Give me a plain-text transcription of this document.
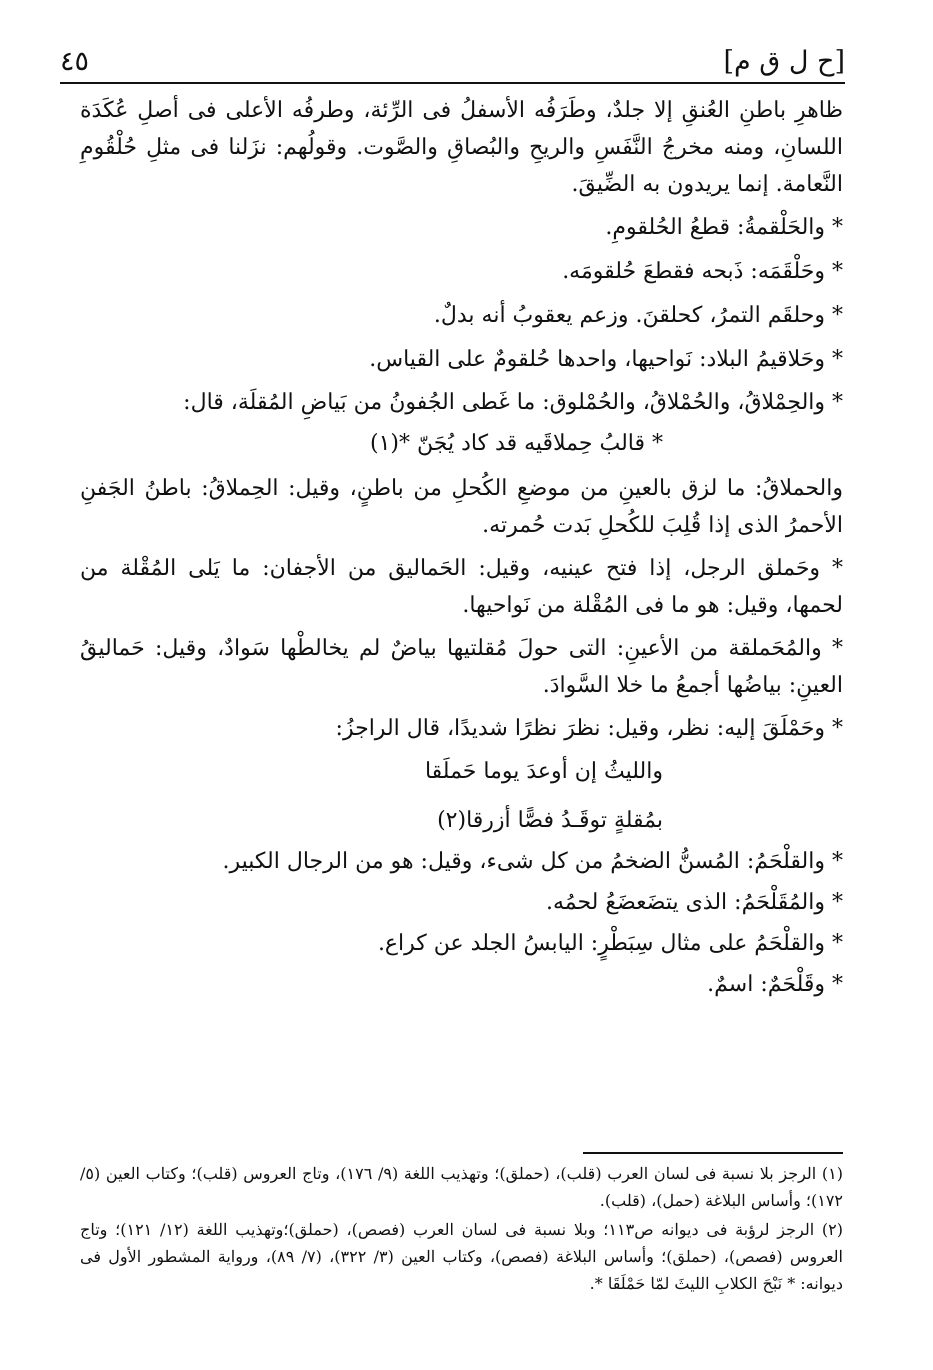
[ح ل ق م]
٤٥

ظاهرِ باطنِ العُنقِ إلا جلدٌ، وطَرَفُه الأسفلُ فى الرِّئة، وطرفُه الأعلى فى أصلِ عُكَدَة اللسانِ، ومنه مخرجُ النَّفَسِ والريحِ والبُصاقِ والصَّوت. وقولُهم: نزَلنا فى مثلِ حُلْقُومِ النَّعامة. إنما يريدون به الضِّيقَ.

* والحَلْقمةُ: قطعُ الحُلقومِ.

* وحَلْقَمَه: ذَبحه فقطعَ حُلقومَه.

* وحلقَم التمرُ، كحلقنَ. وزعم يعقوبُ أنه بدلٌ.

* وحَلاقيمُ البلاد: نَواحيها، واحدها حُلقومٌ على القياس.

* والحِمْلاقُ، والحُمْلاقُ، والحُمْلوق: ما غَطى الجُفونُ من بَياضِ المُقلَة، قال:

* قالبُ حِملاقَيه قد كاد يُجَنّ *(١)

والحملاقُ: ما لزق بالعينِ من موضعِ الكُحلِ من باطنٍ، وقيل: الحِملاقُ: باطنُ الجَفنِ الأحمرُ الذى إذا قُلِبَ للكُحلِ بَدت حُمرته.

* وحَملق الرجل، إذا فتح عينيه، وقيل: الحَماليق من الأجفان: ما يَلى المُقْلة من لحمها، وقيل: هو ما فى المُقْلة من نَواحيها.

* والمُحَملقة من الأعينِ: التى حولَ مُقلتيها بياضٌ لم يخالطْها سَوادٌ، وقيل: حَماليقُ العينِ: بياضُها أجمعُ ما خلا السَّوادَ.

* وحَمْلَقَ إليه: نظر، وقيل: نظرَ نظرًا شديدًا، قال الراجزُ:

والليثُ إن أوعدَ يوما حَملَقا

بمُقلةٍ توقَـدُ فصًّا أزرقا(٢)

* والقلْحَمُ: المُسنُّ الضخمُ من كل شىء، وقيل: هو من الرجال الكبير.

* والمُقَلْحَمُ: الذى يتضَعضَعُ لحمُه.

* والقلْحَمُ على مثال سِبَطْرٍ: اليابسُ الجلد عن كراع.

* وقَلْحَمٌ: اسمٌ.

(١) الرجز بلا نسبة فى لسان العرب (قلب)، (حملق)؛ وتهذيب اللغة (٩/ ١٧٦)، وتاج العروس (قلب)؛ وكتاب العين (٥/ ١٧٢)؛ وأساس البلاغة (حمل)، (قلب).

(٢) الرجز لرؤبة فى ديوانه ص١١٣؛ وبلا نسبة فى لسان العرب (فصص)، (حملق)؛وتهذيب اللغة (١٢/ ١٢١)؛ وتاج العروس (فصص)، (حملق)؛ وأساس البلاغة (فصص)، وكتاب العين (٣/ ٣٢٢)، (٧/ ٨٩)، ورواية المشطور الأول فى ديوانه: * نَبْحَ الكلابِ الليثَ لمّا حَمْلَقَا *.
